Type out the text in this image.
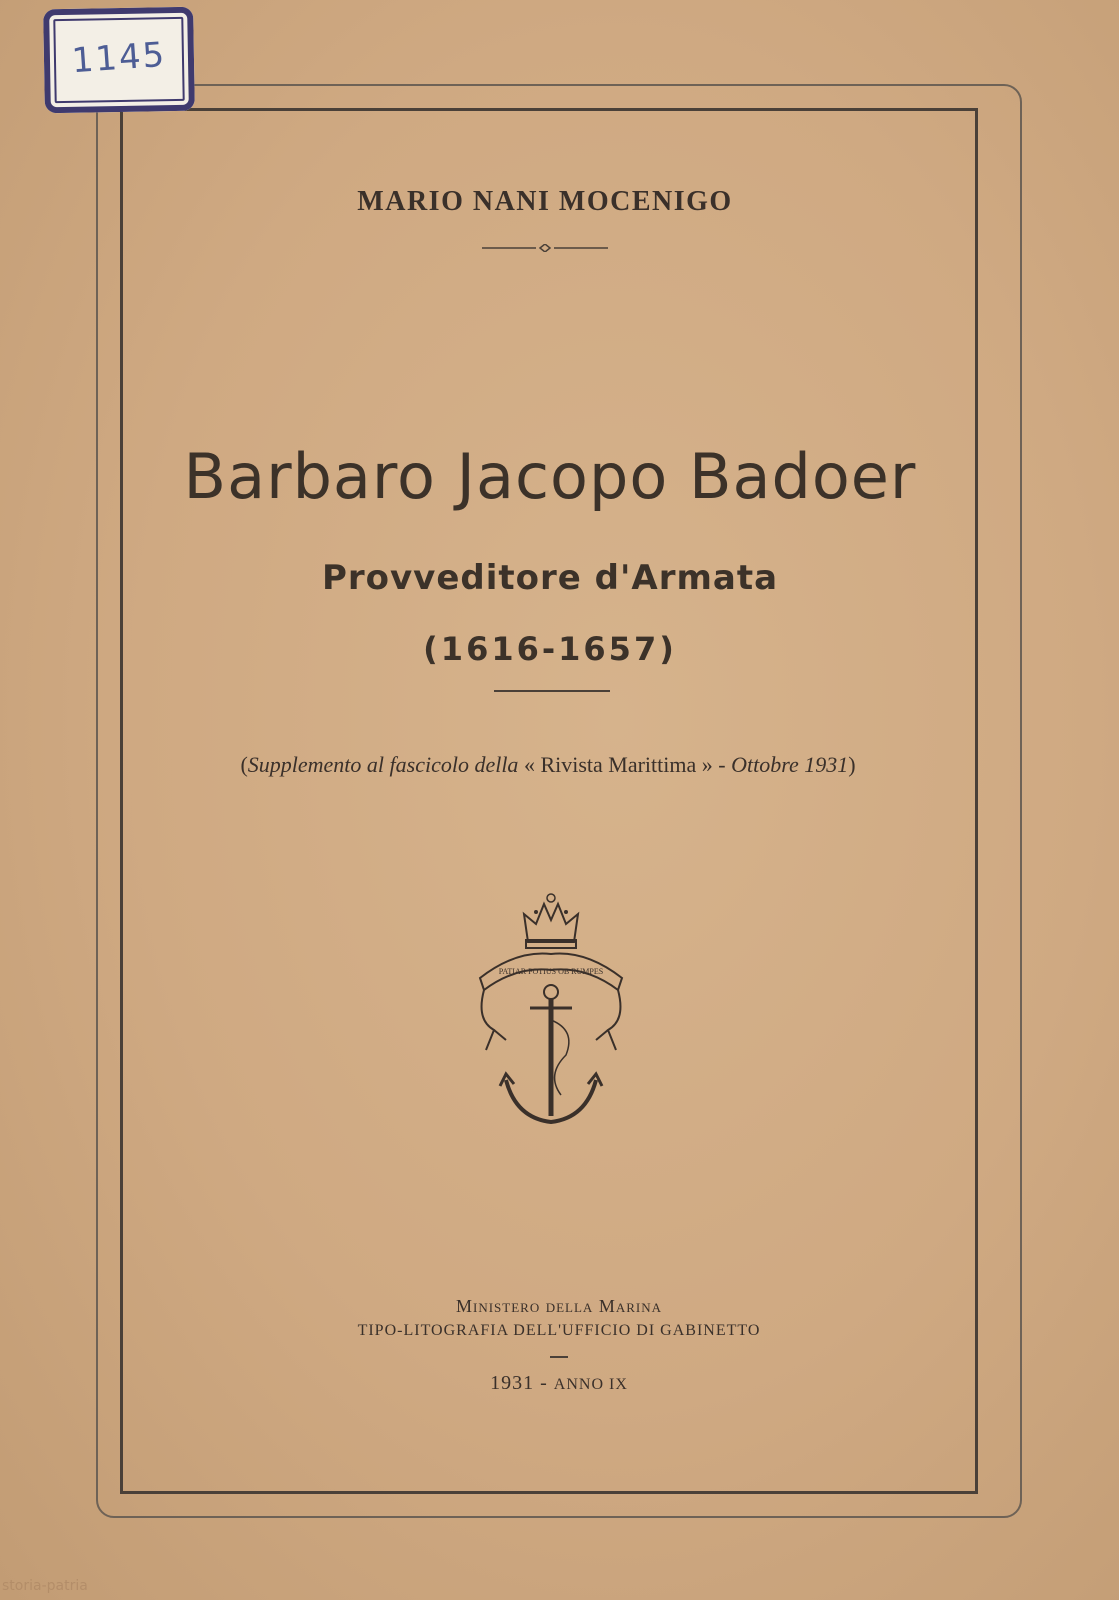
1145
MARIO NANI MOCENIGO
Barbaro Jacopo Badoer
Provveditore d'Armata
(1616-1657)
(Supplemento al fascicolo della « Rivista Marittima » - Ottobre 1931)
PATIAR POTIUS OB RUMPES
Ministero della Marina
TIPO-LITOGRAFIA DELL'UFFICIO DI GABINETTO
1931 - ANNO IX
storia-patria
